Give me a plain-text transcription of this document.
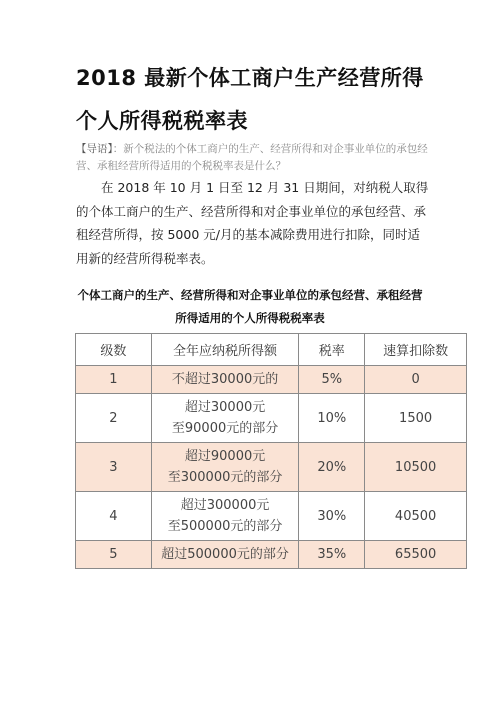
2018 最新个体工商户生产经营所得
个人所得税税率表
【导语】：新个税法的个体工商户的生产、经营所得和对企事业单位的承包经营、承租经营所得适用的个税税率表是什么？
在 2018 年 10 月 1 日至 12 月 31 日期间，对纳税人取得的个体工商户的生产、经营所得和对企事业单位的承包经营、承租经营所得，按 5000 元/月的基本减除费用进行扣除，同时适用新的经营所得税率表。
个体工商户的生产、经营所得和对企事业单位的承包经营、承租经营
所得适用的个人所得税税率表
级数	全年应纳税所得额	税率	速算扣除数
1	不超过30000元的	5%	0
2	超过30000元
至90000元的部分	10%	1500
3	超过90000元
至300000元的部分	20%	10500
4	超过300000元
至500000元的部分	30%	40500
5	超过500000元的部分	35%	65500
